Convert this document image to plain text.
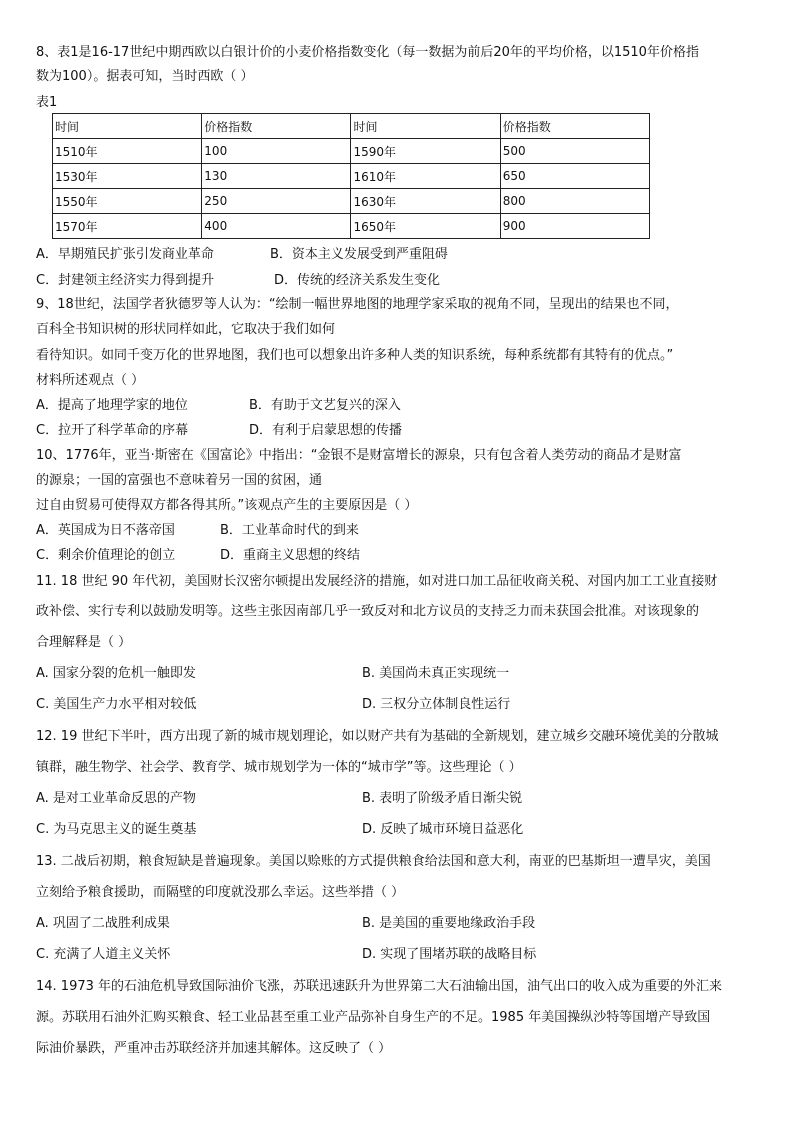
8、表1是16-17世纪中期西欧以白银计价的小麦价格指数变化（每一数据为前后20年的平均价格，以1510年价格指
数为100）。据表可知，当时西欧（ ）
表1
时间	价格指数	时间	价格指数
1510年	100	1590年	500
1530年	130	1610年	650
1550年	250	1630年	800
1570年	400	1650年	900
A．早期殖民扩张引发商业革命	B．资本主义发展受到严重阻碍
C．封建领主经济实力得到提升	D．传统的经济关系发生变化
9、18世纪，法国学者狄德罗等人认为：“绘制一幅世界地图的地理学家采取的视角不同，呈现出的结果也不同，
百科全书知识树的形状同样如此，它取决于我们如何
看待知识。如同千变万化的世界地图，我们也可以想象出许多种人类的知识系统，每种系统都有其特有的优点。”
材料所述观点（ ）
A．提高了地理学家的地位	B．有助于文艺复兴的深入
C．拉开了科学革命的序幕	D．有利于启蒙思想的传播
10、1776年，亚当·斯密在《国富论》中指出：“金银不是财富增长的源泉，只有包含着人类劳动的商品才是财富
的源泉；一国的富强也不意味着另一国的贫困，通
过自由贸易可使得双方都各得其所。”该观点产生的主要原因是（ ）
A．英国成为日不落帝国	B．工业革命时代的到来
C．剩余价值理论的创立	D．重商主义思想的终结
11. 18 世纪 90 年代初，美国财长汉密尔顿提出发展经济的措施，如对进口加工品征收商关税、对国内加工工业直接财
政补偿、实行专利以鼓励发明等。这些主张因南部几乎一致反对和北方议员的支持乏力而未获国会批准。对该现象的
合理解释是（ ）
A. 国家分裂的危机一触即发	B. 美国尚未真正实现统一
C. 美国生产力水平相对较低	D. 三权分立体制良性运行
12. 19 世纪下半叶，西方出现了新的城市规划理论，如以财产共有为基础的全新规划，建立城乡交融环境优美的分散城
镇群，融生物学、社会学、教育学、城市规划学为一体的“城市学”等。这些理论（ ）
A. 是对工业革命反思的产物	B. 表明了阶级矛盾日渐尖锐
C. 为马克思主义的诞生奠基	D. 反映了城市环境日益恶化
13. 二战后初期，粮食短缺是普遍现象。美国以赊账的方式提供粮食给法国和意大利，南亚的巴基斯坦一遭旱灾，美国
立刻给予粮食援助，而隔壁的印度就没那么幸运。这些举措（ ）
A. 巩固了二战胜利成果	B. 是美国的重要地缘政治手段
C. 充满了人道主义关怀	D. 实现了围堵苏联的战略目标
14. 1973 年的石油危机导致国际油价飞涨，苏联迅速跃升为世界第二大石油输出国，油气出口的收入成为重要的外汇来
源。苏联用石油外汇购买粮食、轻工业品甚至重工业产品弥补自身生产的不足。1985 年美国操纵沙特等国增产导致国
际油价暴跌，严重冲击苏联经济并加速其解体。这反映了（ ）
